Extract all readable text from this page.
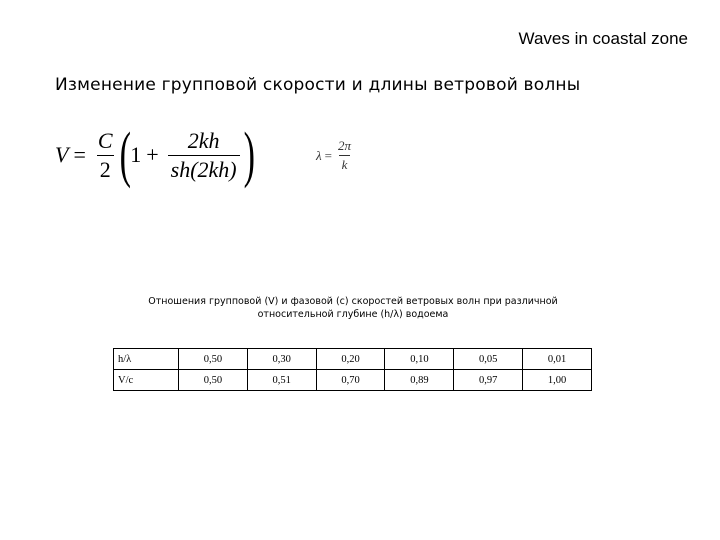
Waves in coastal zone
Изменение групповой скорости и длины ветровой волны
$V = \frac{C}{2}$ ( $1 + \frac{2kh}{sh(2kh)}$ )	$\lambda = \frac{2\pi}{k}$
Отношения групповой (V) и фазовой (с) скоростей ветровых волн при различной
относительной глубине (h/λ) водоема
h/λ	0,50	0,30	0,20	0,10	0,05	0,01
V/c	0,50	0,51	0,70	0,89	0,97	1,00
